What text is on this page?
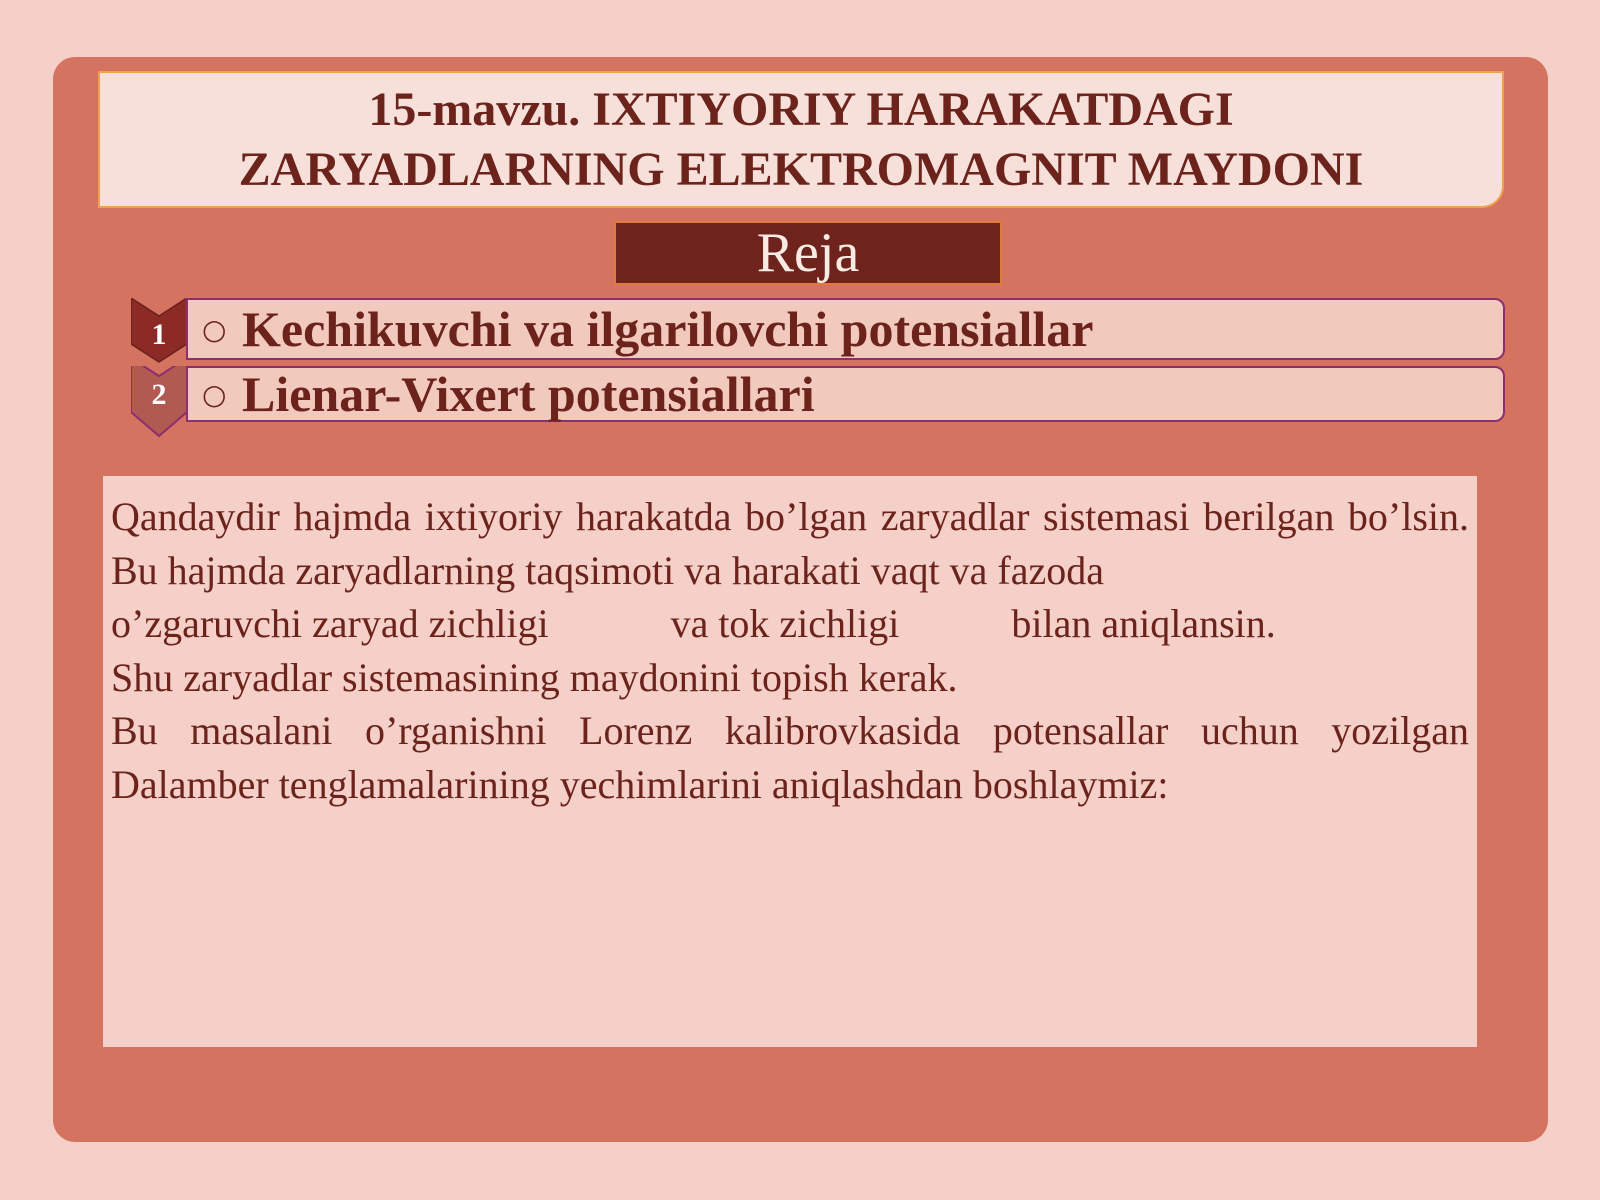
15-mavzu. IXTIYORIY HARAKATDAGI
ZARYADLARNING ELEKTROMAGNIT MAYDONI
Reja
1	○ Kechikuvchi va ilgarilovchi potensiallar
2	○ Lienar-Vixert potensiallari

Qandaydir hajmda ixtiyoriy harakatda bo’lgan zaryadlar sistemasi berilgan bo’lsin. Bu hajmda zaryadlarning taqsimoti va harakati vaqt va fazoda

o’zgaruvchi zaryad zichligi	va tok zichligi	bilan aniqlansin.

Shu zaryadlar sistemasining maydonini topish kerak.

Bu masalani o’rganishni Lorenz kalibrovkasida potensallar uchun yozilgan Dalamber tenglamalarining yechimlarini aniqlashdan boshlaymiz:
